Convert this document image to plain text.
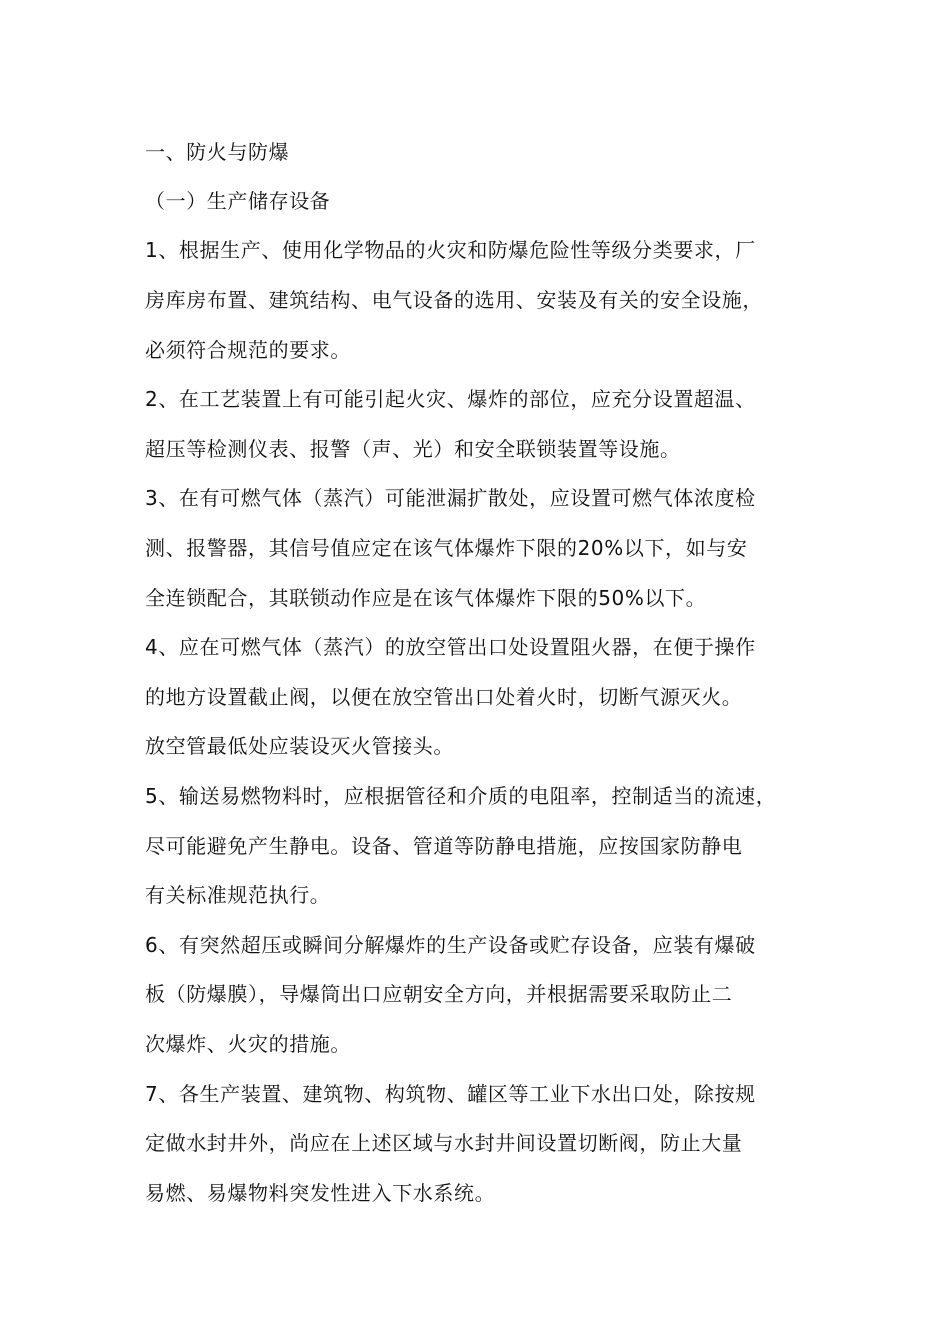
一、防火与防爆
（一）生产储存设备
1、根据生产、使用化学物品的火灾和防爆危险性等级分类要求，厂
房库房布置、建筑结构、电气设备的选用、安装及有关的安全设施，
必须符合规范的要求。
2、在工艺装置上有可能引起火灾、爆炸的部位，应充分设置超温、
超压等检测仪表、报警（声、光）和安全联锁装置等设施。
3、在有可燃气体（蒸汽）可能泄漏扩散处，应设置可燃气体浓度检
测、报警器，其信号值应定在该气体爆炸下限的20%以下，如与安
全连锁配合，其联锁动作应是在该气体爆炸下限的50%以下。
4、应在可燃气体（蒸汽）的放空管出口处设置阻火器，在便于操作
的地方设置截止阀，以便在放空管出口处着火时，切断气源灭火。
放空管最低处应装设灭火管接头。
5、输送易燃物料时，应根据管径和介质的电阻率，控制适当的流速，
尽可能避免产生静电。设备、管道等防静电措施，应按国家防静电
有关标准规范执行。
6、有突然超压或瞬间分解爆炸的生产设备或贮存设备，应装有爆破
板（防爆膜），导爆筒出口应朝安全方向，并根据需要采取防止二
次爆炸、火灾的措施。
7、各生产装置、建筑物、构筑物、罐区等工业下水出口处，除按规
定做水封井外，尚应在上述区域与水封井间设置切断阀，防止大量
易燃、易爆物料突发性进入下水系统。
